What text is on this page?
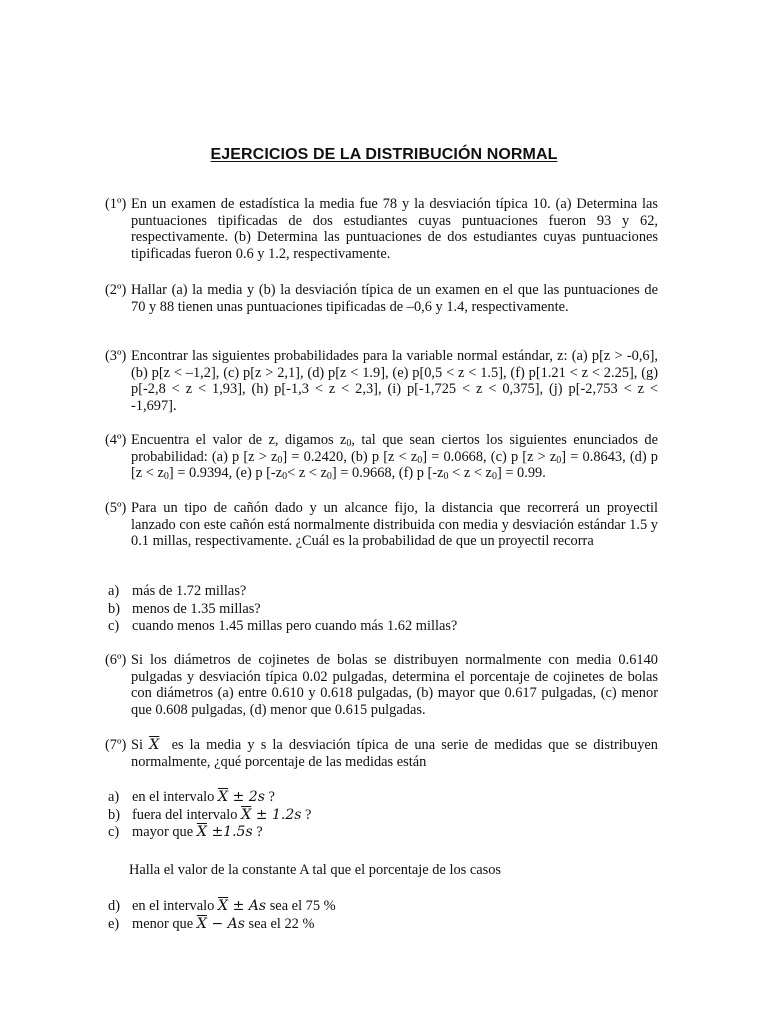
EJERCICIOS DE LA DISTRIBUCIÓN NORMAL
(1º) En un examen de estadística la media fue 78 y la desviación típica 10. (a) Determina las puntuaciones tipificadas de dos estudiantes cuyas puntuaciones fueron 93 y 62, respectivamente. (b) Determina las puntuaciones de dos estudiantes cuyas puntuaciones tipificadas fueron 0.6 y 1.2, respectivamente.
(2º) Hallar (a) la media y (b) la desviación típica de un examen en el que las puntuaciones de 70 y 88 tienen unas puntuaciones tipificadas de –0,6 y 1.4, respectivamente.
(3º) Encontrar las siguientes probabilidades para la variable normal estándar, z: (a) p[z > -0,6], (b) p[z < –1,2], (c) p[z > 2,1], (d) p[z < 1.9], (e) p[0,5 < z < 1.5], (f) p[1.21 < z < 2.25], (g) p[-2,8 < z < 1,93], (h) p[-1,3 < z < 2,3], (i) p[-1,725 < z < 0,375], (j) p[-2,753 < z < -1,697].
(4º) Encuentra el valor de z, digamos $z_0$, tal que sean ciertos los siguientes enunciados de probabilidad: (a) p $[z > z_0] = 0.2420$, (b) p $[z < z_0] = 0.0668$, (c) p $[z > z_0] = 0.8643$, (d) p $[z < z_0] = 0.9394$, (e) p $[-z_0< z < z_0] = 0.9668$, (f) p $[-z_0 < z < z_0] = 0.99$.
(5º) Para un tipo de cañón dado y un alcance fijo, la distancia que recorrerá un proyectil lanzado con este cañón está normalmente distribuida con media y desviación estándar 1.5 y 0.1 millas, respectivamente. ¿Cuál es la probabilidad de que un proyectil recorra
a) más de 1.72 millas?
b) menos de 1.35 millas?
c) cuando menos 1.45 millas pero cuando más 1.62 millas?
(6º) Si los diámetros de cojinetes de bolas se distribuyen normalmente con media 0.6140 pulgadas y desviación típica 0.02 pulgadas, determina el porcentaje de cojinetes de bolas con diámetros (a) entre 0.610 y 0.618 pulgadas, (b) mayor que 0.617 pulgadas, (c) menor que 0.608 pulgadas, (d) menor que 0.615 pulgadas.
(7º) Si $\overline{X}$  es la media y s la desviación típica de una serie de medidas que se distribuyen normalmente, ¿qué porcentaje de las medidas están
a) en el intervalo $\overline{X} \pm 2s$ ?
b) fuera del intervalo $\overline{X} \pm 1.2s$ ?
c) mayor que $\overline{X} \pm 1.5s$ ?
Halla el valor de la constante A tal que el porcentaje de los casos
d) en el intervalo $\overline{X} \pm As$ sea el 75 %
e) menor que $\overline{X} - As$ sea el 22 %
